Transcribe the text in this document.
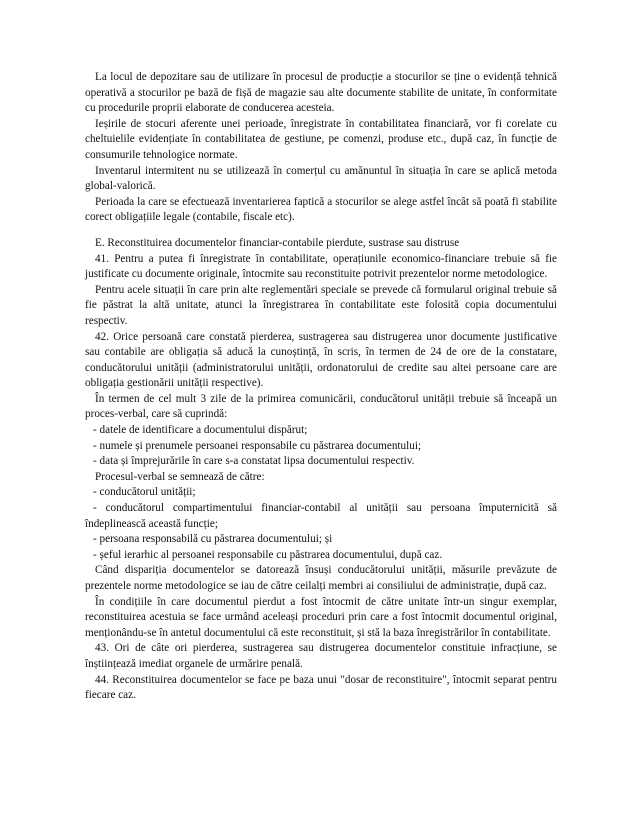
La locul de depozitare sau de utilizare în procesul de producție a stocurilor se ține o evidență tehnică operativă a stocurilor pe bază de fișă de magazie sau alte documente stabilite de unitate, în conformitate cu procedurile proprii elaborate de conducerea acesteia.

Ieșirile de stocuri aferente unei perioade, înregistrate în contabilitatea financiară, vor fi corelate cu cheltuielile evidențiate în contabilitatea de gestiune, pe comenzi, produse etc., după caz, în funcție de consumurile tehnologice normate.

Inventarul intermitent nu se utilizează în comerțul cu amănuntul în situația în care se aplică metoda global-valorică.

Perioada la care se efectuează inventarierea faptică a stocurilor se alege astfel încât să poată fi stabilite corect obligațiile legale (contabile, fiscale etc).

E. Reconstituirea documentelor financiar-contabile pierdute, sustrase sau distruse

41. Pentru a putea fi înregistrate în contabilitate, operațiunile economico-financiare trebuie să fie justificate cu documente originale, întocmite sau reconstituite potrivit prezentelor norme metodologice.

Pentru acele situații în care prin alte reglementări speciale se prevede că formularul original trebuie să fie păstrat la altă unitate, atunci la înregistrarea în contabilitate este folosită copia documentului respectiv.

42. Orice persoană care constată pierderea, sustragerea sau distrugerea unor documente justificative sau contabile are obligația să aducă la cunoștință, în scris, în termen de 24 de ore de la constatare, conducătorului unității (administratorului unității, ordonatorului de credite sau altei persoane care are obligația gestionării unității respective).

În termen de cel mult 3 zile de la primirea comunicării, conducătorul unității trebuie să înceapă un proces-verbal, care să cuprindă:

- datele de identificare a documentului dispărut;

- numele și prenumele persoanei responsabile cu păstrarea documentului;

- data și împrejurările în care s-a constatat lipsa documentului respectiv.

Procesul-verbal se semnează de către:

- conducătorul unității;

- conducătorul compartimentului financiar-contabil al unității sau persoana împuternicită să îndeplinească această funcție;

- persoana responsabilă cu păstrarea documentului; și

- șeful ierarhic al persoanei responsabile cu păstrarea documentului, după caz.

Când dispariția documentelor se datorează însuși conducătorului unității, măsurile prevăzute de prezentele norme metodologice se iau de către ceilalți membri ai consiliului de administrație, după caz.

În condițiile în care documentul pierdut a fost întocmit de către unitate într-un singur exemplar, reconstituirea acestuia se face urmând aceleași proceduri prin care a fost întocmit documentul original, menționându-se în antetul documentului că este reconstituit, și stă la baza înregistrărilor în contabilitate.

43. Ori de câte ori pierderea, sustragerea sau distrugerea documentelor constituie infracțiune, se înștiințează imediat organele de urmărire penală.

44. Reconstituirea documentelor se face pe baza unui "dosar de reconstituire", întocmit separat pentru fiecare caz.
